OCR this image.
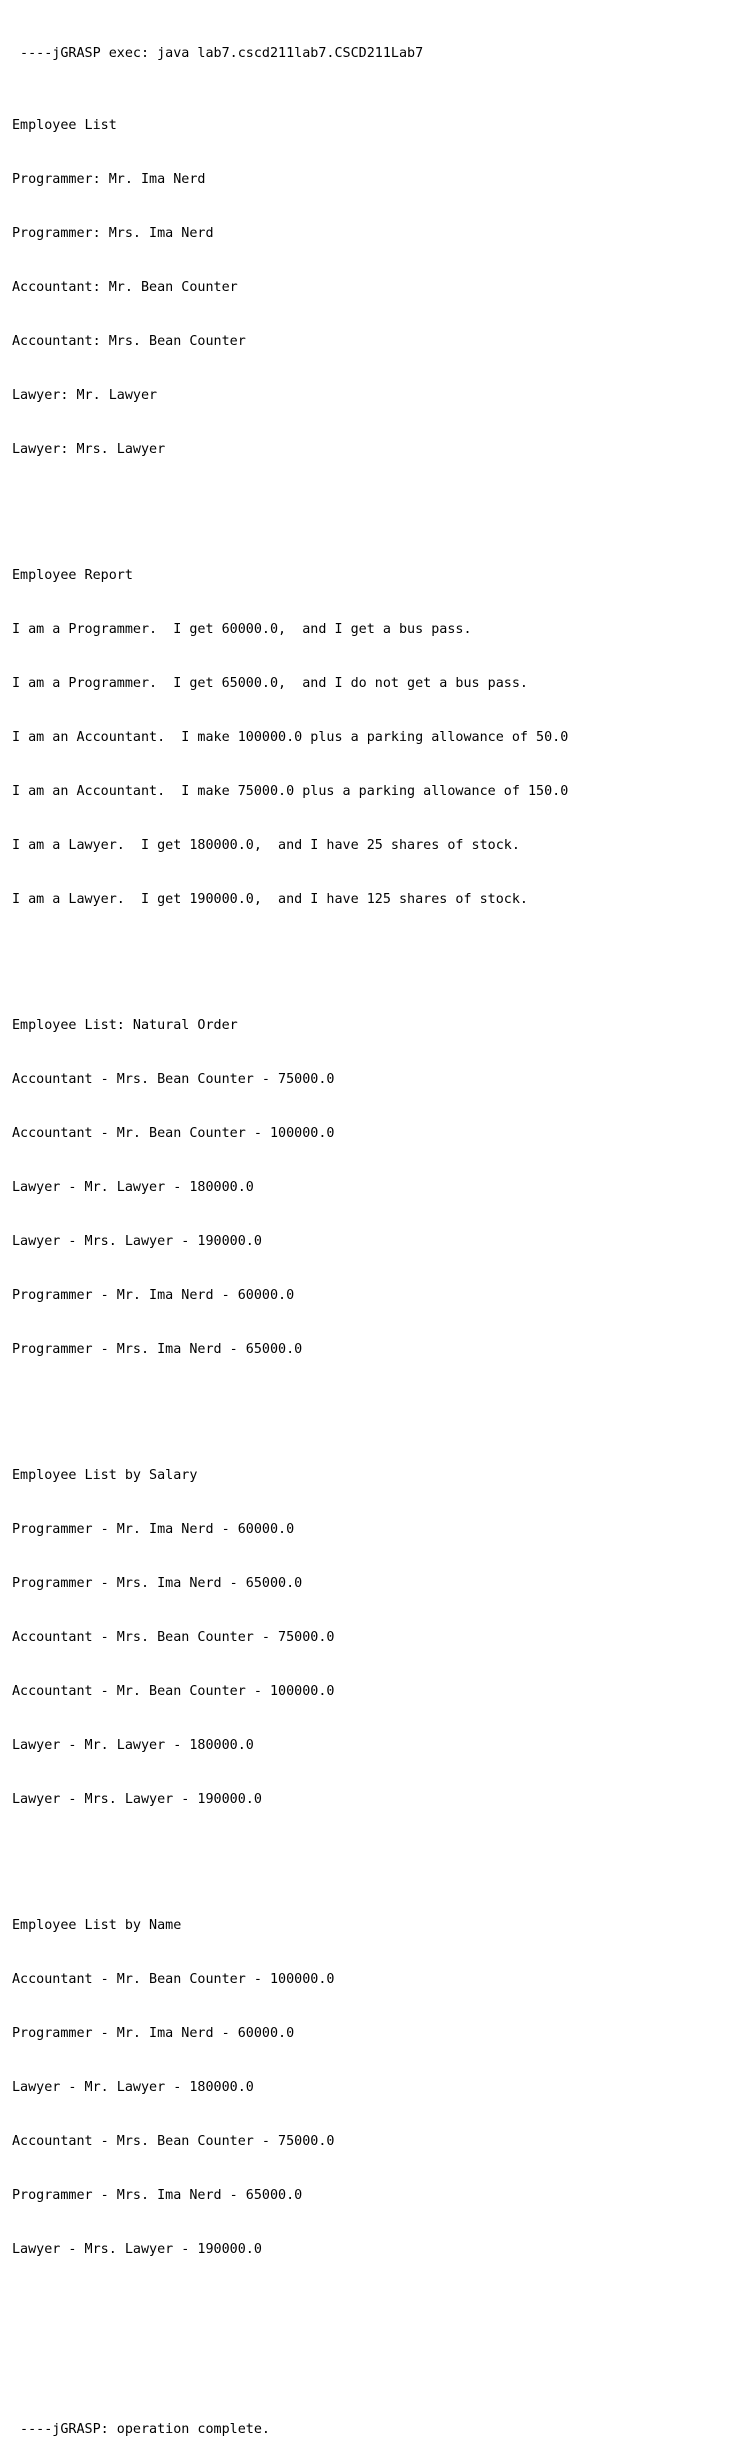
----jGRASP exec: java lab7.cscd211lab7.CSCD211Lab7

Employee List

Programmer: Mr. Ima Nerd

Programmer: Mrs. Ima Nerd

Accountant: Mr. Bean Counter

Accountant: Mrs. Bean Counter

Lawyer: Mr. Lawyer

Lawyer: Mrs. Lawyer

Employee Report

I am a Programmer.  I get 60000.0,  and I get a bus pass.

I am a Programmer.  I get 65000.0,  and I do not get a bus pass.

I am an Accountant.  I make 100000.0 plus a parking allowance of 50.0

I am an Accountant.  I make 75000.0 plus a parking allowance of 150.0

I am a Lawyer.  I get 180000.0,  and I have 25 shares of stock.

I am a Lawyer.  I get 190000.0,  and I have 125 shares of stock.

Employee List: Natural Order

Accountant - Mrs. Bean Counter - 75000.0

Accountant - Mr. Bean Counter - 100000.0

Lawyer - Mr. Lawyer - 180000.0

Lawyer - Mrs. Lawyer - 190000.0

Programmer - Mr. Ima Nerd - 60000.0

Programmer - Mrs. Ima Nerd - 65000.0

Employee List by Salary

Programmer - Mr. Ima Nerd - 60000.0

Programmer - Mrs. Ima Nerd - 65000.0

Accountant - Mrs. Bean Counter - 75000.0

Accountant - Mr. Bean Counter - 100000.0

Lawyer - Mr. Lawyer - 180000.0

Lawyer - Mrs. Lawyer - 190000.0

Employee List by Name

Accountant - Mr. Bean Counter - 100000.0

Programmer - Mr. Ima Nerd - 60000.0

Lawyer - Mr. Lawyer - 180000.0

Accountant - Mrs. Bean Counter - 75000.0

Programmer - Mrs. Ima Nerd - 65000.0

Lawyer - Mrs. Lawyer - 190000.0

----jGRASP: operation complete.
